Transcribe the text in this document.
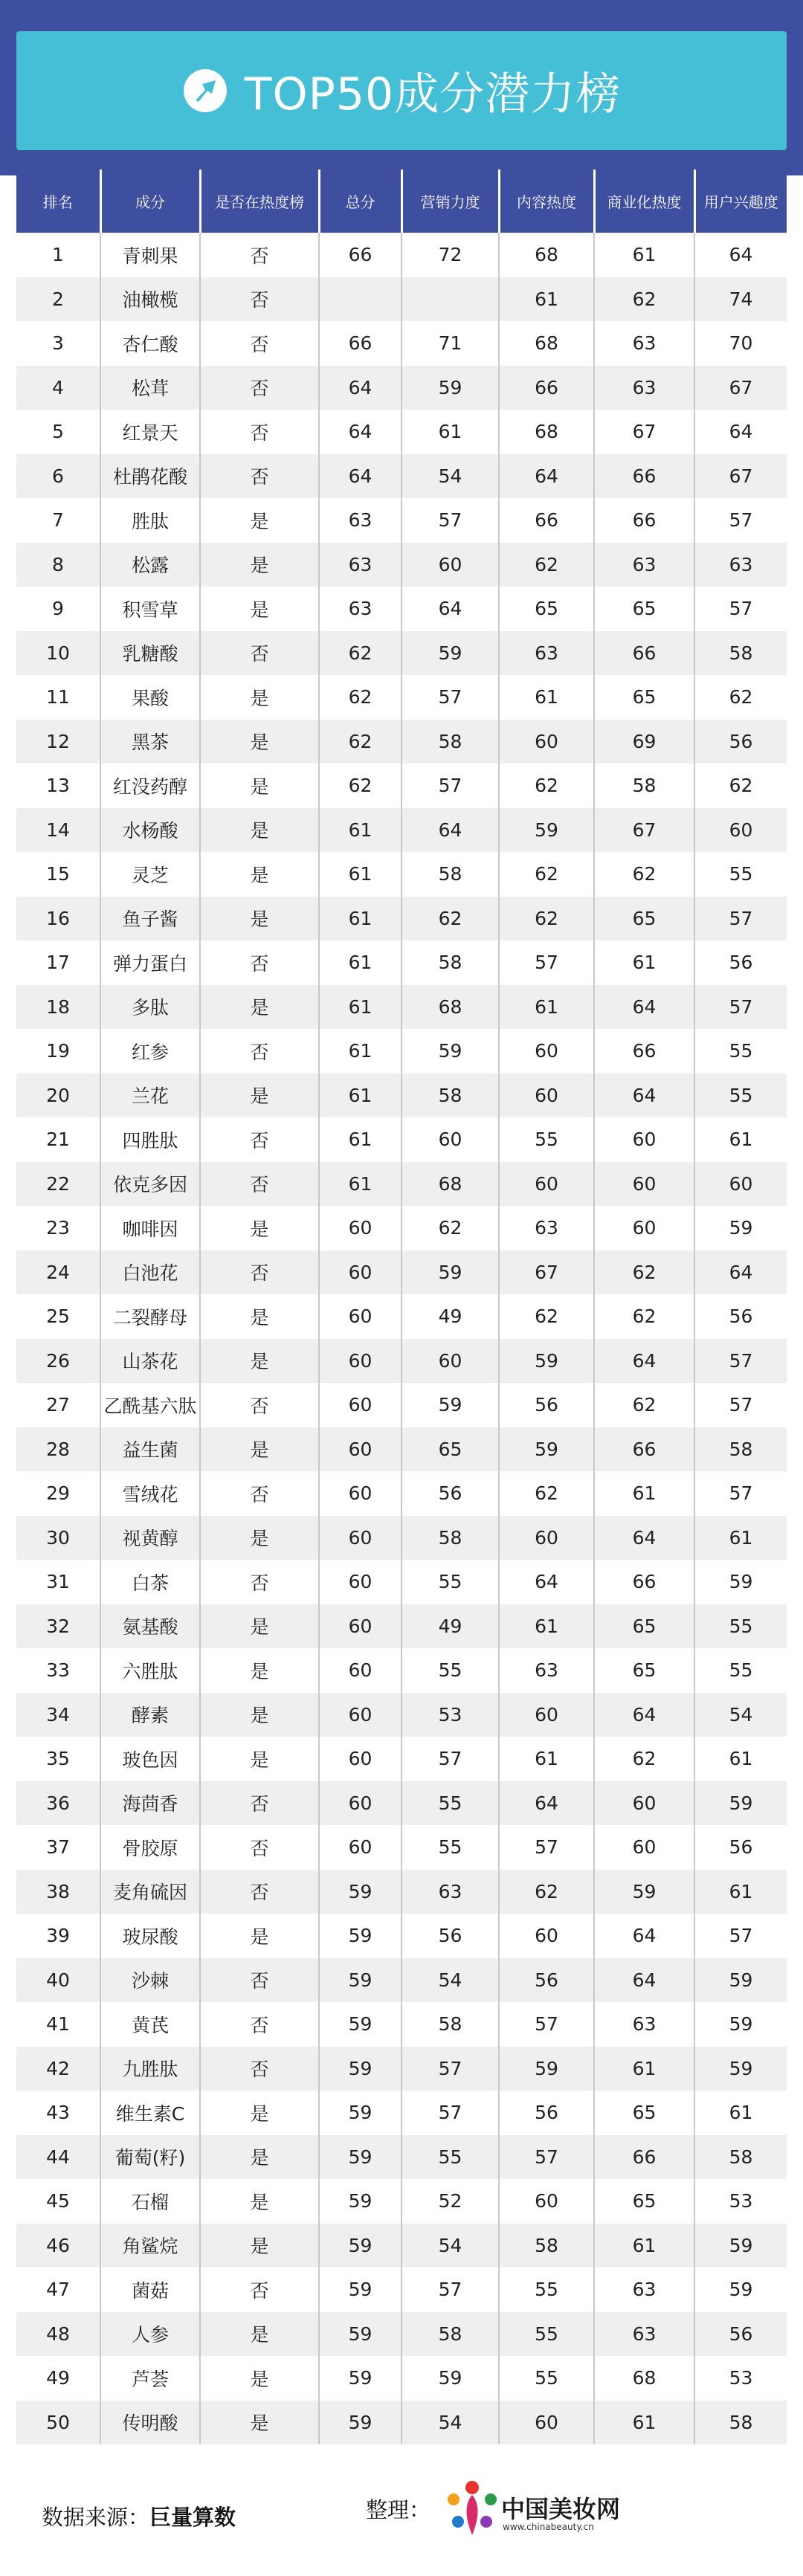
TOP50成分潜力榜
排名	成分	是否在热度榜	总分	营销力度	内容热度	商业化热度	用户兴趣度
1	青刺果	否	66	72	68	61	64
2	油橄榄	否			61	62	74
3	杏仁酸	否	66	71	68	63	70
4	松茸	否	64	59	66	63	67
5	红景天	否	64	61	68	67	64
6	杜鹃花酸	否	64	54	64	66	67
7	胜肽	是	63	57	66	66	57
8	松露	是	63	60	62	63	63
9	积雪草	是	63	64	65	65	57
10	乳糖酸	否	62	59	63	66	58
11	果酸	是	62	57	61	65	62
12	黑茶	是	62	58	60	69	56
13	红没药醇	是	62	57	62	58	62
14	水杨酸	是	61	64	59	67	60
15	灵芝	是	61	58	62	62	55
16	鱼子酱	是	61	62	62	65	57
17	弹力蛋白	否	61	58	57	61	56
18	多肽	是	61	68	61	64	57
19	红参	否	61	59	60	66	55
20	兰花	是	61	58	60	64	55
21	四胜肽	否	61	60	55	60	61
22	依克多因	否	61	68	60	60	60
23	咖啡因	是	60	62	63	60	59
24	白池花	否	60	59	67	62	64
25	二裂酵母	是	60	49	62	62	56
26	山茶花	是	60	60	59	64	57
27	乙酰基六肽	否	60	59	56	62	57
28	益生菌	是	60	65	59	66	58
29	雪绒花	否	60	56	62	61	57
30	视黄醇	是	60	58	60	64	61
31	白茶	否	60	55	64	66	59
32	氨基酸	是	60	49	61	65	55
33	六胜肽	是	60	55	63	65	55
34	酵素	是	60	53	60	64	54
35	玻色因	是	60	57	61	62	61
36	海茴香	否	60	55	64	60	59
37	骨胶原	否	60	55	57	60	56
38	麦角硫因	否	59	63	62	59	61
39	玻尿酸	是	59	56	60	64	57
40	沙棘	否	59	54	56	64	59
41	黄芪	否	59	58	57	63	59
42	九胜肽	否	59	57	59	61	59
43	维生素C	是	59	57	56	65	61
44	葡萄(籽)	是	59	55	57	66	58
45	石榴	是	59	52	60	65	53
46	角鲨烷	是	59	54	58	61	59
47	菌菇	否	59	57	55	63	59
48	人参	是	59	58	55	63	56
49	芦荟	是	59	59	55	68	53
50	传明酸	是	59	54	60	61	58
数据来源：巨量算数	整理：	中国美妆网
www.chinabeauty.cn
